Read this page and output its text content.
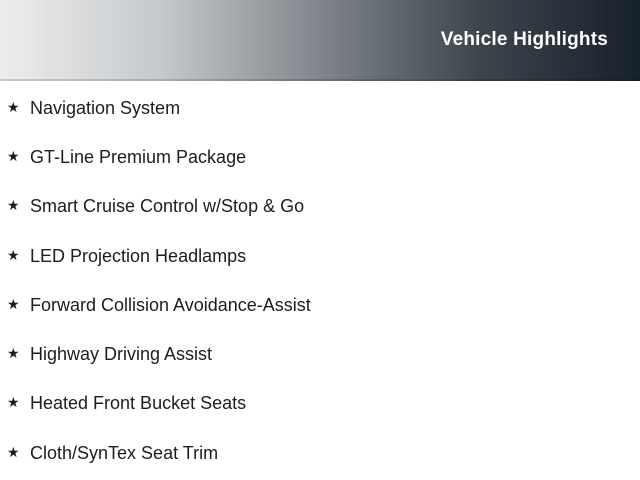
Vehicle Highlights
★ Navigation System
★ GT-Line Premium Package
★ Smart Cruise Control w/Stop & Go
★ LED Projection Headlamps
★ Forward Collision Avoidance-Assist
★ Highway Driving Assist
★ Heated Front Bucket Seats
★ Cloth/SynTex Seat Trim
